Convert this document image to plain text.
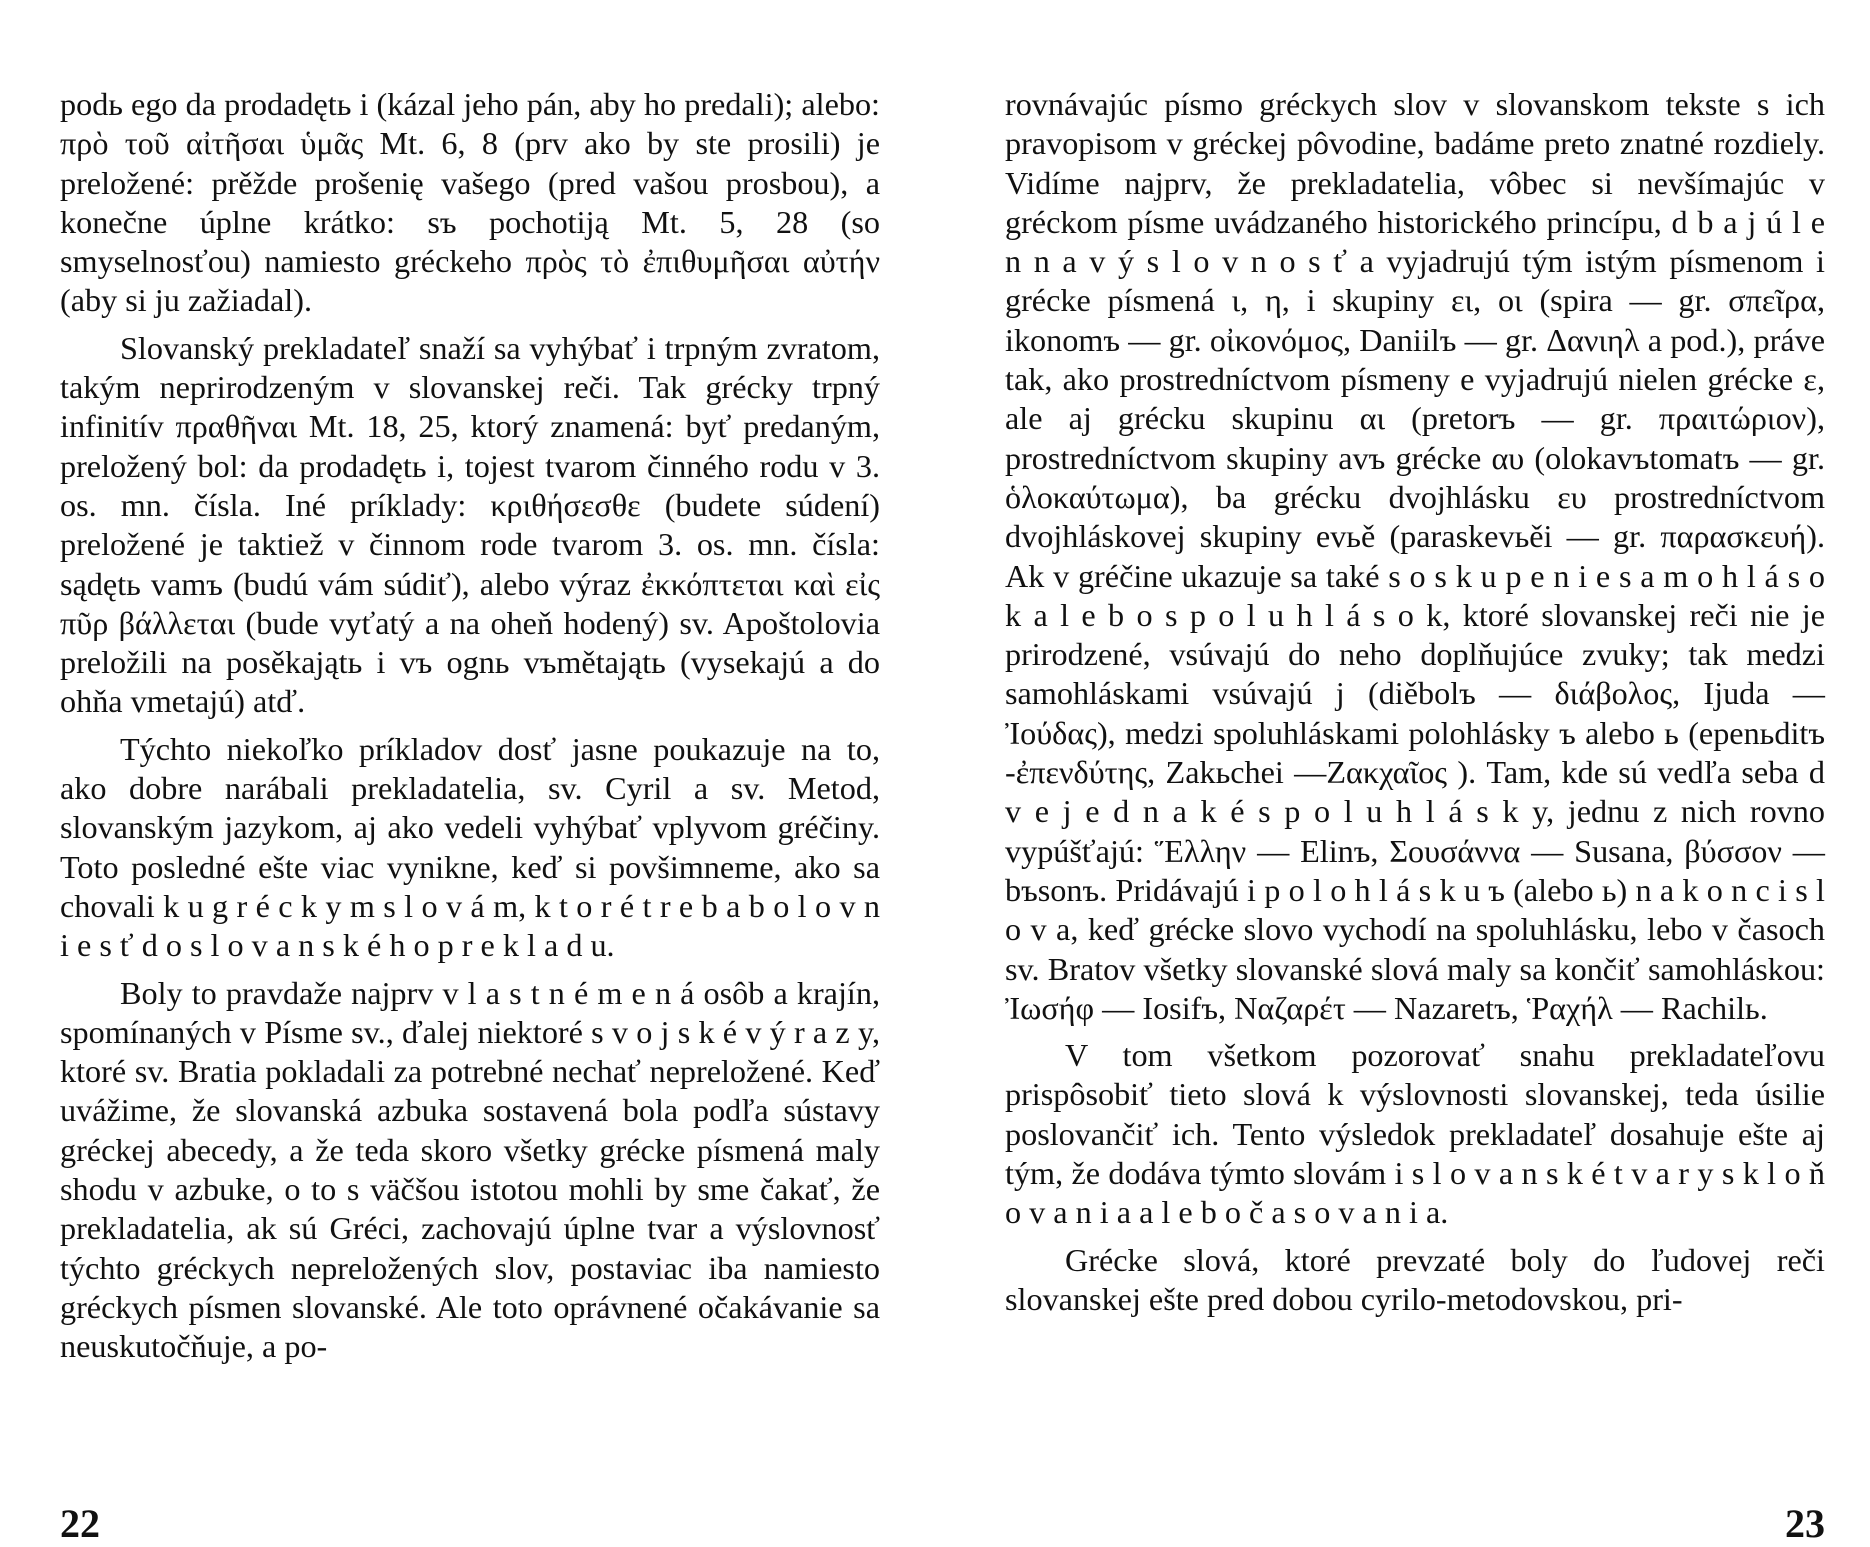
podь ego da prodadętь i (kázal jeho pán, aby ho predali); alebo: πρὸ τοῦ αἰτῆσαι ὑμᾶς Mt. 6, 8 (prv ako by ste prosili) je preložené: prěžde prošenię vašego (pred vašou prosbou), a konečne úplne krátko: sъ pochotiją Mt. 5, 28 (so smyselnosťou) namiesto gréckeho πρὸς τὸ ἐπιθυμῆσαι αὐτήν (aby si ju zažiadal).

Slovanský prekladateľ snaží sa vyhýbať i trpným zvratom, takým neprirodzeným v slovanskej reči. Tak grécky trpný infinitív πραθῆναι Mt. 18, 25, ktorý znamená: byť predaným, preložený bol: da prodadętь i, tojest tvarom činného rodu v 3. os. mn. čísla. Iné príklady: κριθήσεσθε (budete súdení) preložené je taktiež v činnom rode tvarom 3. os. mn. čísla: sądętь vamъ (budú vám súdiť), alebo výraz ἐκκόπτεται καὶ εἰς πῦρ βάλλεται (bude vyťatý a na oheň hodený) sv. Apoštolovia preložili na posěkajątь i vъ ognь vъmětajątь (vysekajú a do ohňa vmetajú) atď.

Týchto niekoľko príkladov dosť jasne poukazuje na to, ako dobre narábali prekladatelia, sv. Cyril a sv. Metod, slovanským jazykom, aj ako vedeli vyhýbať vplyvom gréčiny. Toto posledné ešte viac vynikne, keď si povšimneme, ako sa chovali k u g r é c k y m s l o v á m, k t o r é t r e b a b o l o v n i e s ť d o s l o v a n s k é h o p r e k l a d u.

Boly to pravdaže najprv v l a s t n é m e n á osôb a krajín, spomínaných v Písme sv., ďalej niektoré s v o j s k é v ý r a z y, ktoré sv. Bratia pokladali za potrebné nechať nepreložené. Keď uvážime, že slovanská azbuka sostavená bola podľa sústavy gréckej abecedy, a že teda skoro všetky grécke písmená maly shodu v azbuke, o to s väčšou istotou mohli by sme čakať, že prekladatelia, ak sú Gréci, zachovajú úplne tvar a výslovnosť týchto gréckych nepreložených slov, postaviac iba namiesto gréckych písmen slovanské. Ale toto oprávnené očakávanie sa neuskutočňuje, a po-

22

rovnávajúc písmo gréckych slov v slovanskom tekste s ich pravopisom v gréckej pôvodine, badáme preto znatné rozdiely. Vidíme najprv, že prekladatelia, vôbec si nevšímajúc v gréckom písme uvádzaného historického princípu, d b a j ú l e n n a v ý s l o v n o s ť a vyjadrujú tým istým písmenom i grécke písmená ι, η, i skupiny ει, οι (spira — gr. σπεῖρα, ikonomъ — gr. οἰκονόμος, Daniilъ — gr. Δανιηλ a pod.), práve tak, ako prostredníctvom písmeny e vyjadrujú nielen grécke ε, ale aj grécku skupinu αι (pretorъ — gr. πραιτώριον), prostredníctvom skupiny avъ grécke αυ (olokavъtomatъ — gr. ὁλοκαύτωμα), ba grécku dvojhlásku ευ prostredníctvom dvojhláskovej skupiny evьě (paraskevьěi — gr. παρασκευή). Ak v gréčine ukazuje sa také s o s k u p e n i e s a m o h l á s o k a l e b o s p o l u h l á s o k, ktoré slovanskej reči nie je prirodzené, vsúvajú do neho doplňujúce zvuky; tak medzi samohláskami vsúvajú j (diěbolъ — διάβολος, Ijuda — Ἰούδας), medzi spoluhláskami polohlásky ъ alebo ь (epenьditъ -ἐπενδύτης, Zakьchei —Ζακχαῖος ). Tam, kde sú vedľa seba d v e j e d n a k é s p o l u h l á s k y, jednu z nich rovno vypúšťajú: Ἕλλην — Elinъ, Σουσάννα — Susana, βύσσον — bъsonъ. Pridávajú i p o l o h l á s k u ъ (alebo ь) n a k o n c i s l o v a, keď grécke slovo vychodí na spoluhlásku, lebo v časoch sv. Bratov všetky slovanské slová maly sa končiť samohláskou: Ἰωσήφ — Iosifъ, Ναζαρέτ — Nazaretъ, Ῥαχήλ — Rachilь.

V tom všetkom pozorovať snahu prekladateľovu prispôsobiť tieto slová k výslovnosti slovanskej, teda úsilie poslovančiť ich. Tento výsledok prekladateľ dosahuje ešte aj tým, že dodáva týmto slovám i s l o v a n s k é t v a r y s k l o ň o v a n i a a l e b o č a s o v a n i a.

Grécke slová, ktoré prevzaté boly do ľudovej reči slovanskej ešte pred dobou cyrilo-metodovskou, pri-

23
